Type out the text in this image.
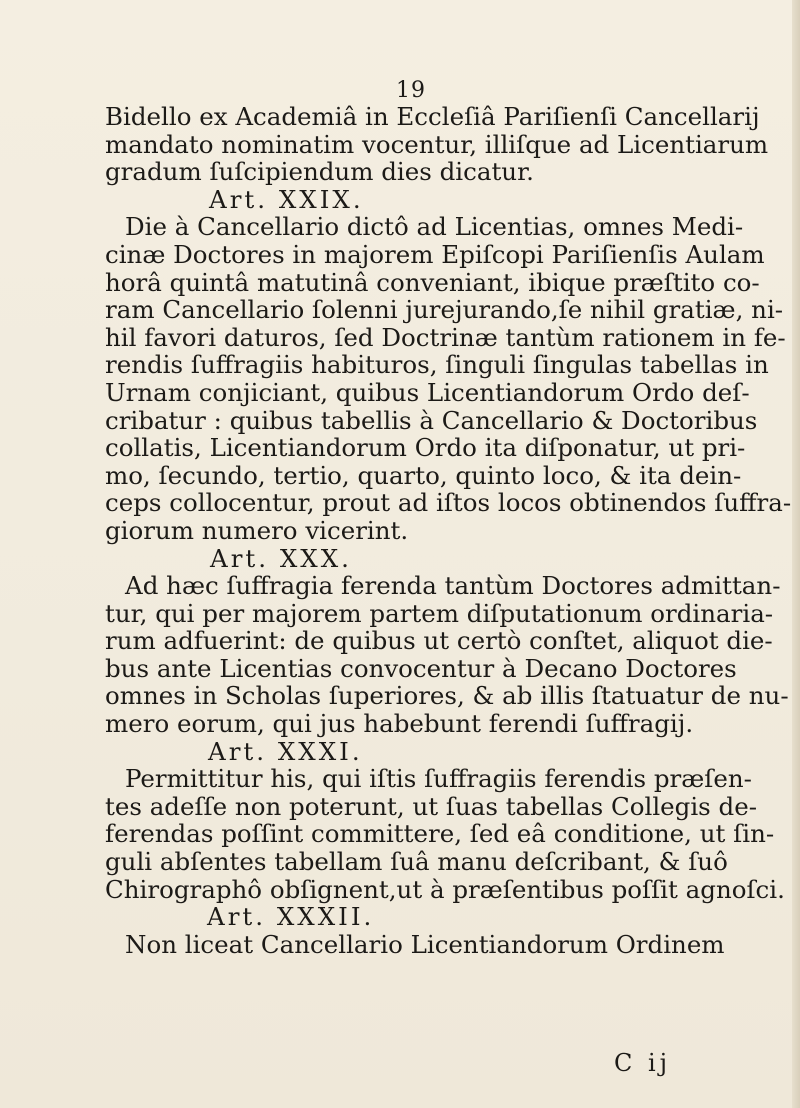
19
Bidello ex Academiâ in Eccleſiâ Pariſienſi Cancellarij
mandato nominatim vocentur, illiſque ad Licentiarum
gradum ſuſcipiendum dies dicatur.
Art. XXIX.
Die à Cancellario dictô ad Licentias, omnes Medi-
cinæ Doctores in majorem Epiſcopi Pariſienſis Aulam
horâ quintâ matutinâ conveniant, ibique præſtito co-
ram Cancellario ſolenni jurejurando,ſe nihil gratiæ, ni-
hil favori daturos, ſed Doctrinæ tantùm rationem in fe-
rendis ſuffragiis habituros, ſinguli ſingulas tabellas in
Urnam conjiciant, quibus Licentiandorum Ordo deſ-
cribatur : quibus tabellis à Cancellario & Doctoribus
collatis, Licentiandorum Ordo ita diſponatur, ut pri-
mo, ſecundo, tertio, quarto, quinto loco, & ita dein-
ceps collocentur, prout ad iſtos locos obtinendos ſuffra-
giorum numero vicerint.
Art. XXX.
Ad hæc ſuffragia ferenda tantùm Doctores admittan-
tur, qui per majorem partem diſputationum ordinaria-
rum adfuerint: de quibus ut certò conſtet, aliquot die-
bus ante Licentias convocentur à Decano Doctores
omnes in Scholas ſuperiores, & ab illis ſtatuatur de nu-
mero eorum, qui jus habebunt ferendi ſuffragij.
Art. XXXI.
Permittitur his, qui iſtis ſuffragiis ferendis præſen-
tes adeſſe non poterunt, ut ſuas tabellas Collegis de-
ferendas poſſint committere, ſed eâ conditione, ut ſin-
guli abſentes tabellam ſuâ manu deſcribant, & ſuô
Chirographô obſignent,ut à præſentibus poſſit agnoſci.
Art. XXXII.
Non liceat Cancellario Licentiandorum Ordinem
C ij
